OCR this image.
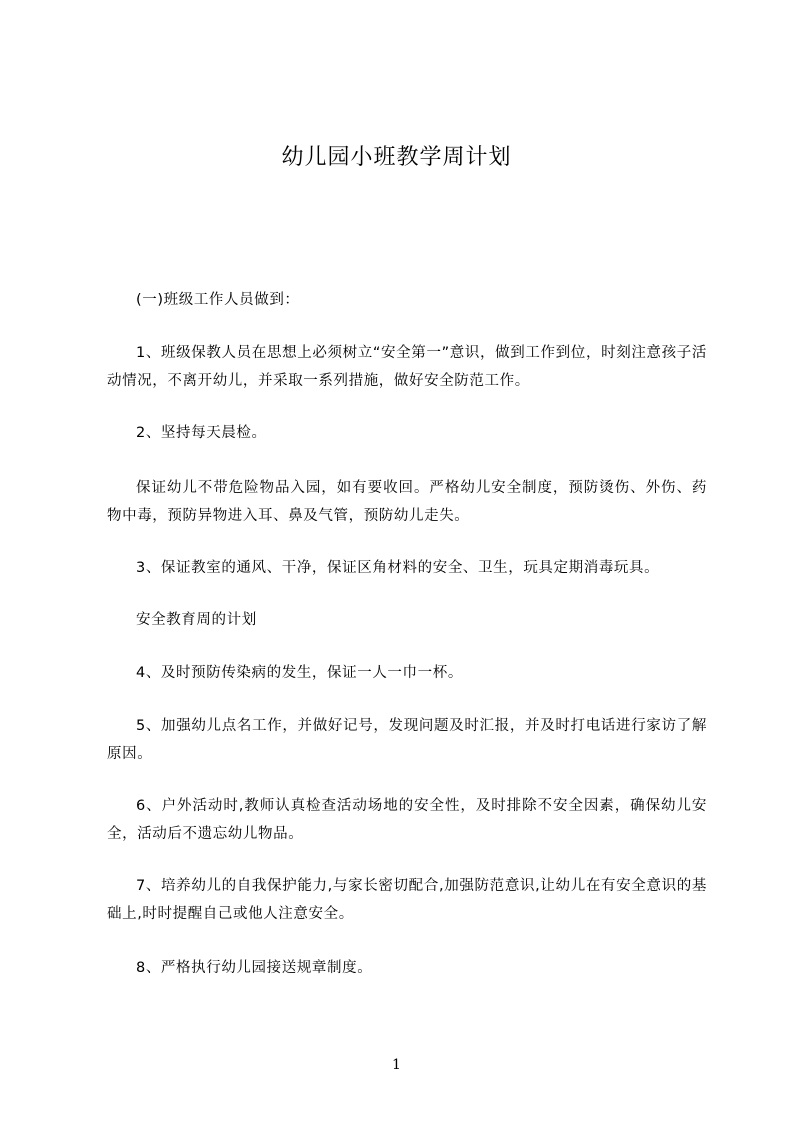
幼儿园小班教学周计划

(一)班级工作人员做到：

1、班级保教人员在思想上必须树立“安全第一”意识，做到工作到位，时刻注意孩子活动情况，不离开幼儿，并采取一系列措施，做好安全防范工作。

2、坚持每天晨检。

保证幼儿不带危险物品入园，如有要收回。严格幼儿安全制度，预防烫伤、外伤、药物中毒，预防异物进入耳、鼻及气管，预防幼儿走失。

3、保证教室的通风、干净，保证区角材料的安全、卫生，玩具定期消毒玩具。

安全教育周的计划

4、及时预防传染病的发生，保证一人一巾一杯。

5、加强幼儿点名工作，并做好记号，发现问题及时汇报，并及时打电话进行家访了解原因。

6、户外活动时,教师认真检查活动场地的安全性，及时排除不安全因素，确保幼儿安全，活动后不遗忘幼儿物品。

7、培养幼儿的自我保护能力,与家长密切配合,加强防范意识,让幼儿在有安全意识的基础上,时时提醒自己或他人注意安全。

8、严格执行幼儿园接送规章制度。

1
